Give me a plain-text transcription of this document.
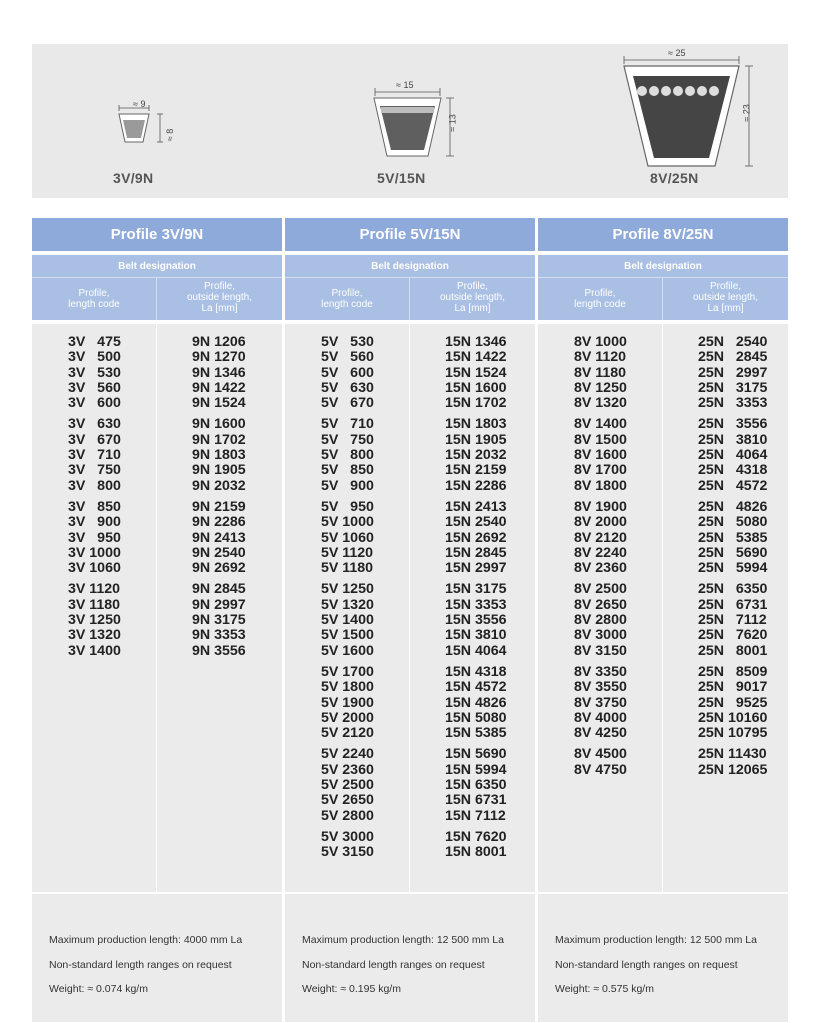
≈ 9
≈ 8
3V/9N
≈ 15
≈ 13
5V/15N
≈ 25
≈ 23
8V/25N
Profile 3V/9N
Belt designation
Profile,
length code
Profile,
outside length,
La [mm]
3V   475
3V   500
3V   530
3V   560
3V   600
3V   630
3V   670
3V   710
3V   750
3V   800
3V   850
3V   900
3V   950
3V 1000
3V 1060
3V 1120
3V 1180
3V 1250
3V 1320
3V 1400
9N 1206
9N 1270
9N 1346
9N 1422
9N 1524
9N 1600
9N 1702
9N 1803
9N 1905
9N 2032
9N 2159
9N 2286
9N 2413
9N 2540
9N 2692
9N 2845
9N 2997
9N 3175
9N 3353
9N 3556
Profile 5V/15N
Belt designation
Profile,
length code
Profile,
outside length,
La [mm]
5V   530
5V   560
5V   600
5V   630
5V   670
5V   710
5V   750
5V   800
5V   850
5V   900
5V   950
5V 1000
5V 1060
5V 1120
5V 1180
5V 1250
5V 1320
5V 1400
5V 1500
5V 1600
5V 1700
5V 1800
5V 1900
5V 2000
5V 2120
5V 2240
5V 2360
5V 2500
5V 2650
5V 2800
5V 3000
5V 3150
15N 1346
15N 1422
15N 1524
15N 1600
15N 1702
15N 1803
15N 1905
15N 2032
15N 2159
15N 2286
15N 2413
15N 2540
15N 2692
15N 2845
15N 2997
15N 3175
15N 3353
15N 3556
15N 3810
15N 4064
15N 4318
15N 4572
15N 4826
15N 5080
15N 5385
15N 5690
15N 5994
15N 6350
15N 6731
15N 7112
15N 7620
15N 8001
Profile 8V/25N
Belt designation
Profile,
length code
Profile,
outside length,
La [mm]
8V 1000
8V 1120
8V 1180
8V 1250
8V 1320
8V 1400
8V 1500
8V 1600
8V 1700
8V 1800
8V 1900
8V 2000
8V 2120
8V 2240
8V 2360
8V 2500
8V 2650
8V 2800
8V 3000
8V 3150
8V 3350
8V 3550
8V 3750
8V 4000
8V 4250
8V 4500
8V 4750
25N   2540
25N   2845
25N   2997
25N   3175
25N   3353
25N   3556
25N   3810
25N   4064
25N   4318
25N   4572
25N   4826
25N   5080
25N   5385
25N   5690
25N   5994
25N   6350
25N   6731
25N   7112
25N   7620
25N   8001
25N   8509
25N   9017
25N   9525
25N 10160
25N 10795
25N 11430
25N 12065
Maximum production length: 4000 mm La
Non-standard length ranges on request
Weight: ≈ 0.074 kg/m
Maximum production length: 12 500 mm La
Non-standard length ranges on request
Weight: ≈ 0.195 kg/m
Maximum production length: 12 500 mm La
Non-standard length ranges on request
Weight: ≈ 0.575 kg/m
